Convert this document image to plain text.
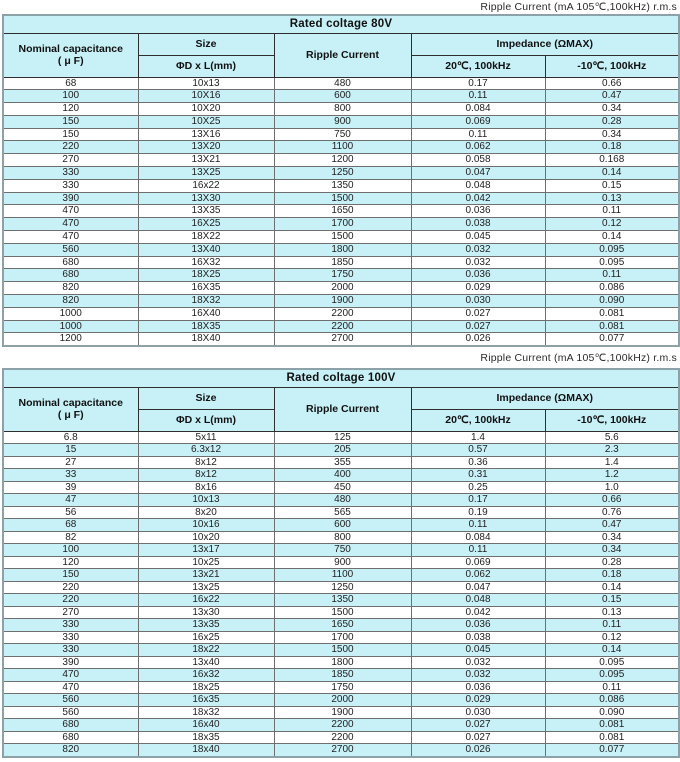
Ripple Current (mA 105℃,100kHz) r.m.s
Rated coltage 80V				

Nominal capacitance
( μ F)	Size	Ripple Current	Impedance (ΩMAX)	
	ΦD x L(mm)		20℃, 100kHz	-10℃, 100kHz
68	10x13	480	0.17	0.66
100	10X16	600	0.11	0.47
120	10X20	800	0.084	0.34
150	10X25	900	0.069	0.28
150	13X16	750	0.11	0.34
220	13X20	1100	0.062	0.18
270	13X21	1200	0.058	0.168
330	13X25	1250	0.047	0.14
330	16x22	1350	0.048	0.15
390	13X30	1500	0.042	0.13
470	13X35	1650	0.036	0.11
470	16X25	1700	0.038	0.12
470	18X22	1500	0.045	0.14
560	13X40	1800	0.032	0.095
680	16X32	1850	0.032	0.095
680	18X25	1750	0.036	0.11
820	16X35	2000	0.029	0.086
820	18X32	1900	0.030	0.090
1000	16X40	2200	0.027	0.081
1000	18X35	2200	0.027	0.081
1200	18X40	2700	0.026	0.077
Ripple Current (mA 105℃,100kHz) r.m.s
Rated coltage 100V				

Nominal capacitance
( μ F)	Size	Ripple Current	Impedance (ΩMAX)	
	ΦD x L(mm)		20℃, 100kHz	-10℃, 100kHz
6.8	5x11	125	1.4	5.6
15	6.3x12	205	0.57	2.3
27	8x12	355	0.36	1.4
33	8x12	400	0.31	1.2
39	8x16	450	0.25	1.0
47	10x13	480	0.17	0.66
56	8x20	565	0.19	0.76
68	10x16	600	0.11	0.47
82	10x20	800	0.084	0.34
100	13x17	750	0.11	0.34
120	10x25	900	0.069	0.28
150	13x21	1100	0.062	0.18
220	13x25	1250	0.047	0.14
220	16x22	1350	0.048	0.15
270	13x30	1500	0.042	0.13
330	13x35	1650	0.036	0.11
330	16x25	1700	0.038	0.12
330	18x22	1500	0.045	0.14
390	13x40	1800	0.032	0.095
470	16x32	1850	0.032	0.095
470	18x25	1750	0.036	0.11
560	16x35	2000	0.029	0.086
560	18x32	1900	0.030	0.090
680	16x40	2200	0.027	0.081
680	18x35	2200	0.027	0.081
820	18x40	2700	0.026	0.077
